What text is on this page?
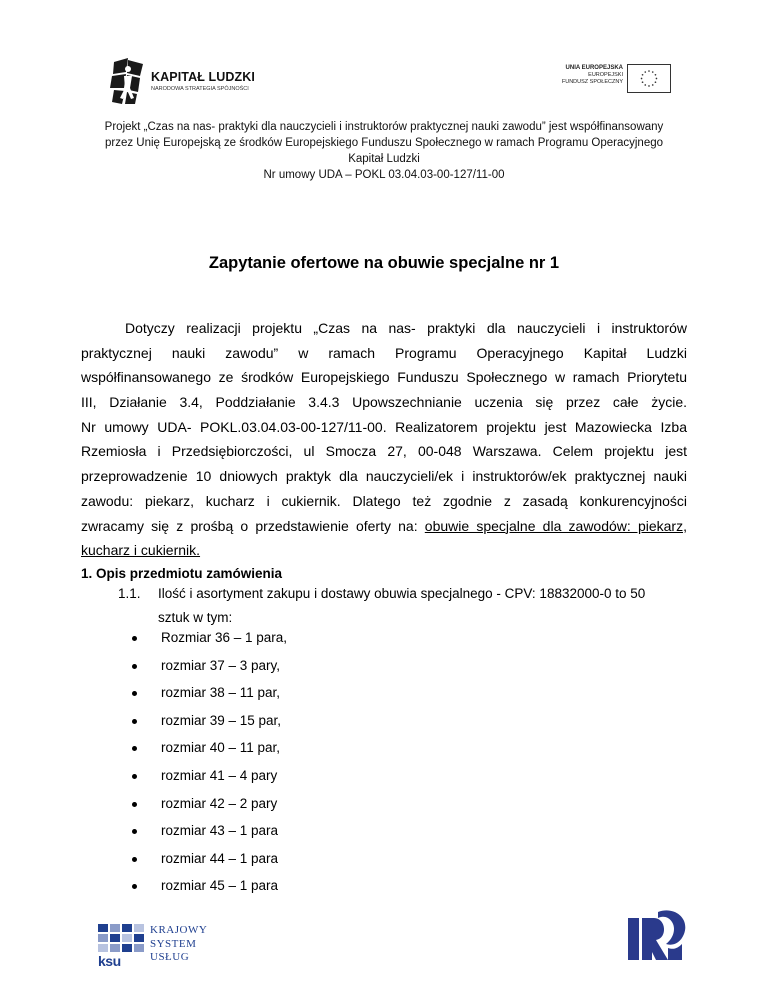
KAPITAŁ LUDZKI
NARODOWA STRATEGIA SPÓJNOŚCI
UNIA EUROPEJSKA
EUROPEJSKI
FUNDUSZ SPOŁECZNY
Projekt „Czas na nas- praktyki dla nauczycieli i instruktorów praktycznej nauki zawodu” jest współfinansowany
przez Unię Europejską ze środków Europejskiego Funduszu Społecznego w ramach Programu Operacyjnego
Kapitał Ludzki
Nr umowy UDA – POKL 03.04.03-00-127/11-00
Zapytanie ofertowe na obuwie specjalne nr 1
Dotyczy realizacji projektu „Czas na nas- praktyki dla nauczycieli i instruktorów
praktycznej nauki zawodu” w ramach Programu Operacyjnego Kapitał Ludzki
współfinansowanego ze środków Europejskiego Funduszu Społecznego w ramach Priorytetu
III, Działanie 3.4, Poddziałanie 3.4.3 Upowszechnianie uczenia się przez całe życie.
Nr umowy UDA- POKL.03.04.03-00-127/11-00. Realizatorem projektu jest Mazowiecka Izba
Rzemiosła i Przedsiębiorczości, ul Smocza 27, 00-048 Warszawa. Celem projektu jest
przeprowadzenie 10 dniowych praktyk dla nauczycieli/ek i instruktorów/ek praktycznej nauki
zawodu: piekarz, kucharz i cukiernik. Dlatego też zgodnie z zasadą konkurencyjności
zwracamy się z prośbą o przedstawienie oferty na: obuwie specjalne dla zawodów: piekarz,
kucharz i cukiernik.
1. Opis przedmiotu zamówienia
1.1. Ilość i asortyment zakupu i dostawy obuwia specjalnego - CPV: 18832000-0 to 50
sztuk w tym:
Rozmiar 36 – 1 para,
rozmiar 37 – 3 pary,
rozmiar 38 – 11 par,
rozmiar 39 – 15 par,
rozmiar 40 – 11 par,
rozmiar 41 – 4 pary
rozmiar 42 – 2 pary
rozmiar 43 – 1 para
rozmiar 44 – 1 para
rozmiar 45 – 1 para
ksu
KRAJOWY
SYSTEM
USŁUG
